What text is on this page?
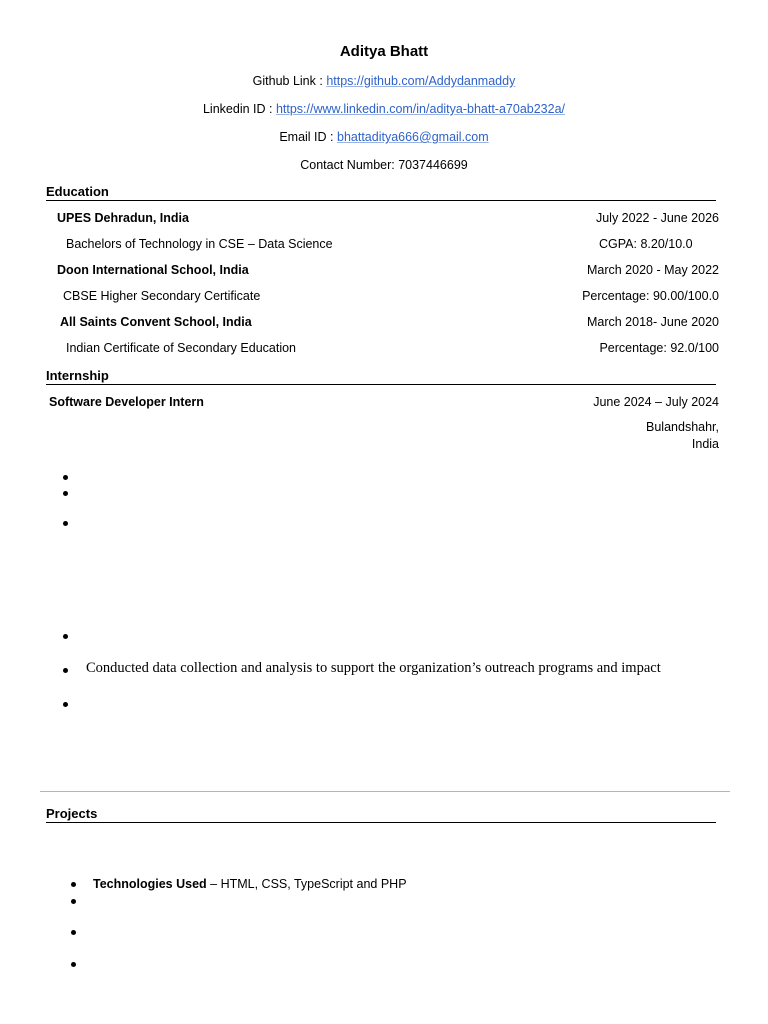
Aditya Bhatt
Github Link : https://github.com/Addydanmaddy
Linkedin ID : https://www.linkedin.com/in/aditya-bhatt-a70ab232a/
Email ID : bhattaditya666@gmail.com
Contact Number: 7037446699
Education
UPES Dehradun, India	July 2022 - June 2026
Bachelors of Technology in CSE – Data Science	CGPA: 8.20/10.0
Doon International School, India	March 2020 - May 2022
CBSE Higher Secondary Certificate	Percentage: 90.00/100.0
All Saints Convent School, India	March 2018- June 2020
Indian Certificate of Secondary Education	Percentage: 92.0/100
Internship
Software Developer Intern	June 2024 – July 2024
Bulandshahr,
India
Conducted data collection and analysis to support the organization’s outreach programs and impact
Projects
Technologies Used – HTML, CSS, TypeScript and PHP
